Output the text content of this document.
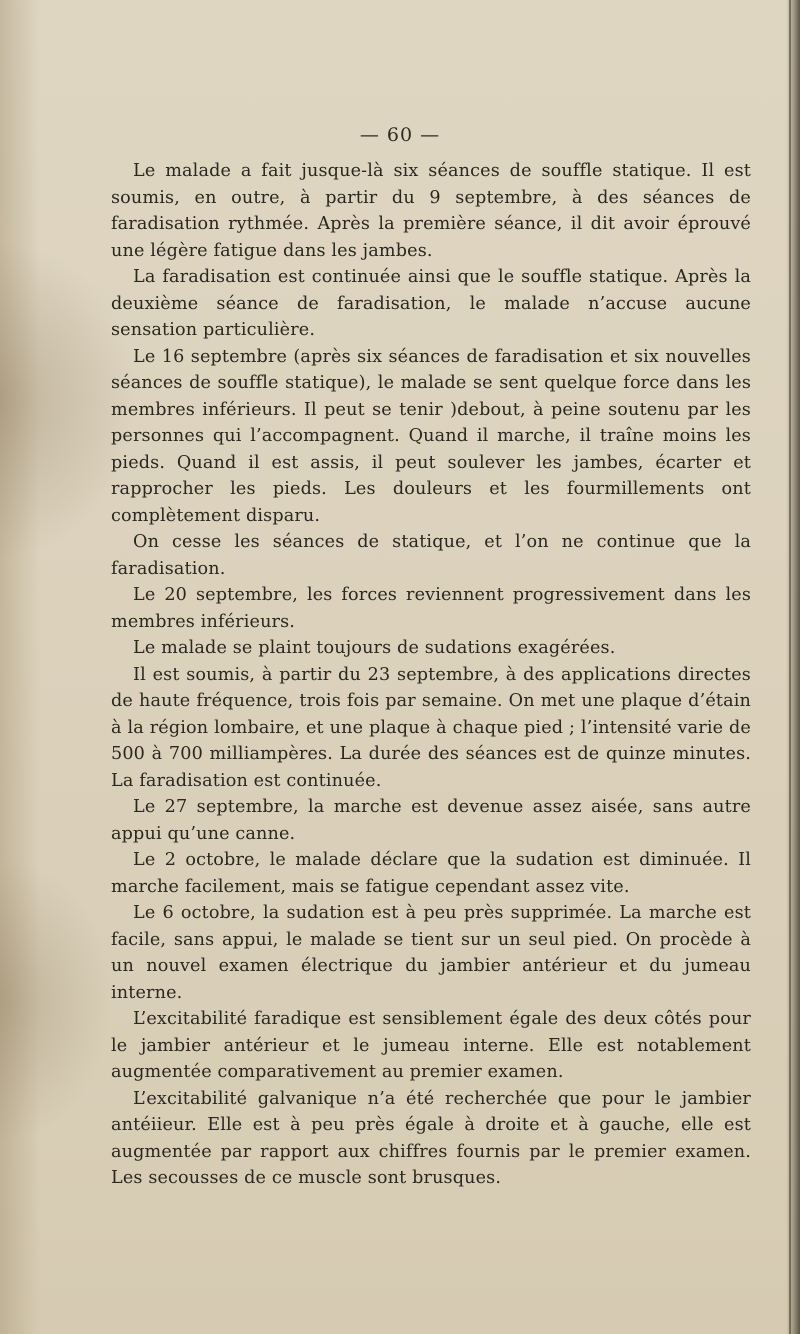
— 60 —

Le malade a fait jusque-là six séances de souffle statique. Il est soumis, en outre, à partir du 9 septembre, à des séances de faradisation rythmée. Après la première séance, il dit avoir éprouvé une légère fatigue dans les jambes.

La faradisation est continuée ainsi que le souffle statique. Après la deuxième séance de faradisation, le malade n’accuse aucune sensation particulière.

Le 16 septembre (après six séances de faradisation et six nouvelles séances de souffle statique), le malade se sent quelque force dans les membres inférieurs. Il peut se tenir )debout, à peine soutenu par les personnes qui l’accompagnent. Quand il marche, il traîne moins les pieds. Quand il est assis, il peut soulever les jambes, écarter et rapprocher les pieds. Les douleurs et les fourmillements ont complètement disparu.

On cesse les séances de statique, et l’on ne continue que la faradisation.

Le 20 septembre, les forces reviennent progressivement dans les membres inférieurs.

Le malade se plaint toujours de sudations exagérées.

Il est soumis, à partir du 23 septembre, à des applications directes de haute fréquence, trois fois par semaine. On met une plaque d’étain à la région lombaire, et une plaque à chaque pied ; l’intensité varie de 500 à 700 milliampères. La durée des séances est de quinze minutes. La faradisation est continuée.

Le 27 septembre, la marche est devenue assez aisée, sans autre appui qu’une canne.

Le 2 octobre, le malade déclare que la sudation est diminuée. Il marche facilement, mais se fatigue cependant assez vite.

Le 6 octobre, la sudation est à peu près supprimée. La marche est facile, sans appui, le malade se tient sur un seul pied. On procède à un nouvel examen électrique du jambier antérieur et du jumeau interne.

L’excitabilité faradique est sensiblement égale des deux côtés pour le jambier antérieur et le jumeau interne. Elle est notablement augmentée comparativement au premier examen.

L’excitabilité galvanique n’a été recherchée que pour le jambier antéiieur. Elle est à peu près égale à droite et à gauche, elle est augmentée par rapport aux chiffres fournis par le premier examen. Les secousses de ce muscle sont brusques.
